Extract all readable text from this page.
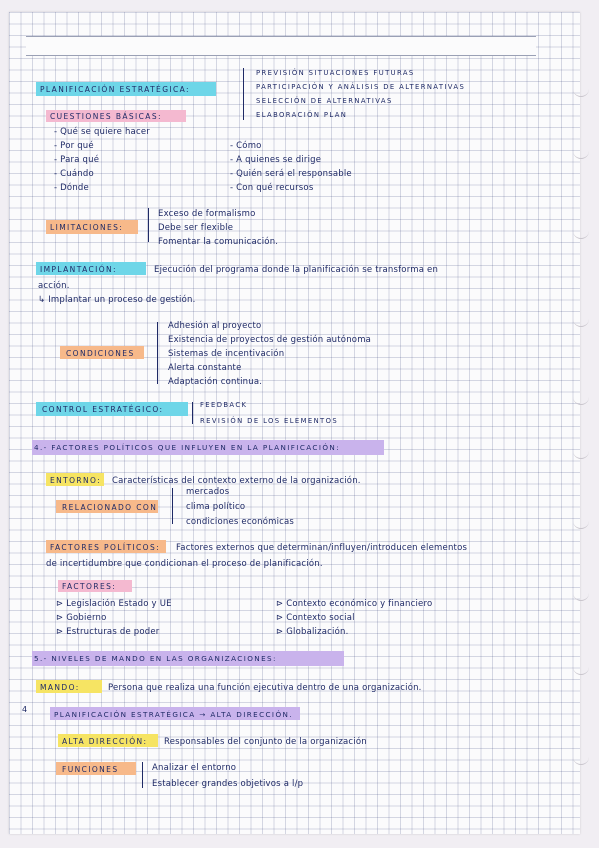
PLANIFICACIÓN ESTRATÉGICA:
PREVISIÓN SITUACIONES FUTURAS
PARTICIPACIÓN Y ANÁLISIS DE ALTERNATIVAS
SELECCIÓN DE ALTERNATIVAS
ELABORACIÓN PLAN
CUESTIONES BÁSICAS:
- Qué se quiere hacer
- Por qué
- Para qué
- Cuándo
- Dónde
- Cómo
- A quienes se dirige
- Quién será el responsable
- Con qué recursos
LIMITACIONES:
Exceso de formalismo
Debe ser flexible
Fomentar la comunicación.
IMPLANTACIÓN:	Ejecución del programa donde la planificación se transforma en
acción.
↳ Implantar un proceso de gestión.
CONDICIONES
Adhesión al proyecto
Existencia de proyectos de gestión autónoma
Sistemas de incentivación
Alerta constante
Adaptación continua.
CONTROL ESTRATÉGICO:	FEEDBACK
REVISIÓN DE LOS ELEMENTOS
4.- FACTORES POLÍTICOS QUE INFLUYEN EN LA PLANIFICACIÓN:
ENTORNO: Características del contexto externo de la organización.
RELACIONADO CON
mercados
clima político
condiciones económicas
FACTORES POLÍTICOS: Factores externos que determinan/influyen/introducen elementos
de incertidumbre que condicionan el proceso de planificación.
FACTORES:
⊳ Legislación Estado y UE
⊳ Gobierno
⊳ Estructuras de poder
⊳ Contexto económico y financiero
⊳ Contexto social
⊳ Globalización.
5.- NIVELES DE MANDO EN LAS ORGANIZACIONES:
MANDO:	Persona que realiza una función ejecutiva dentro de una organización.
4
PLANIFICACIÓN ESTRATÉGICA → ALTA DIRECCIÓN.
ALTA DIRECCIÓN: Responsables del conjunto de la organización
FUNCIONES	Analizar el entorno
Establecer grandes objetivos a l/p
